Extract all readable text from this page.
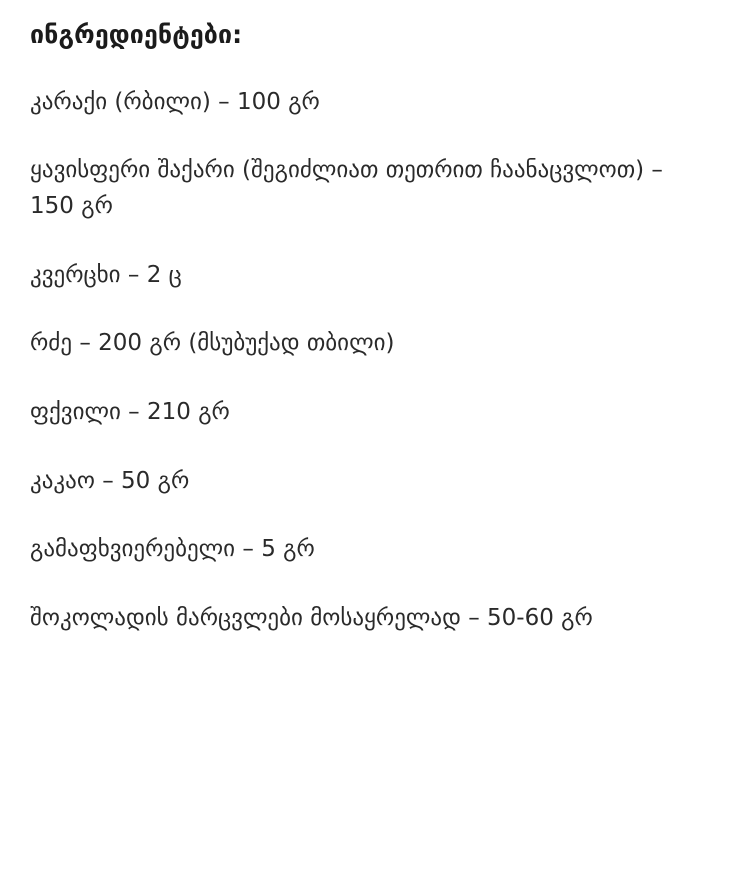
ინგრედიენტები:
კარაქი (რბილი) – 100 გრ
ყავისფერი შაქარი (შეგიძლიათ თეთრით ჩაანაცვლოთ) – 150 გრ
კვერცხი – 2 ც
რძე – 200 გრ (მსუბუქად თბილი)
ფქვილი – 210 გრ
კაკაო – 50 გრ
გამაფხვიერებელი – 5 გრ
შოკოლადის მარცვლები მოსაყრელად – 50-60 გრ
